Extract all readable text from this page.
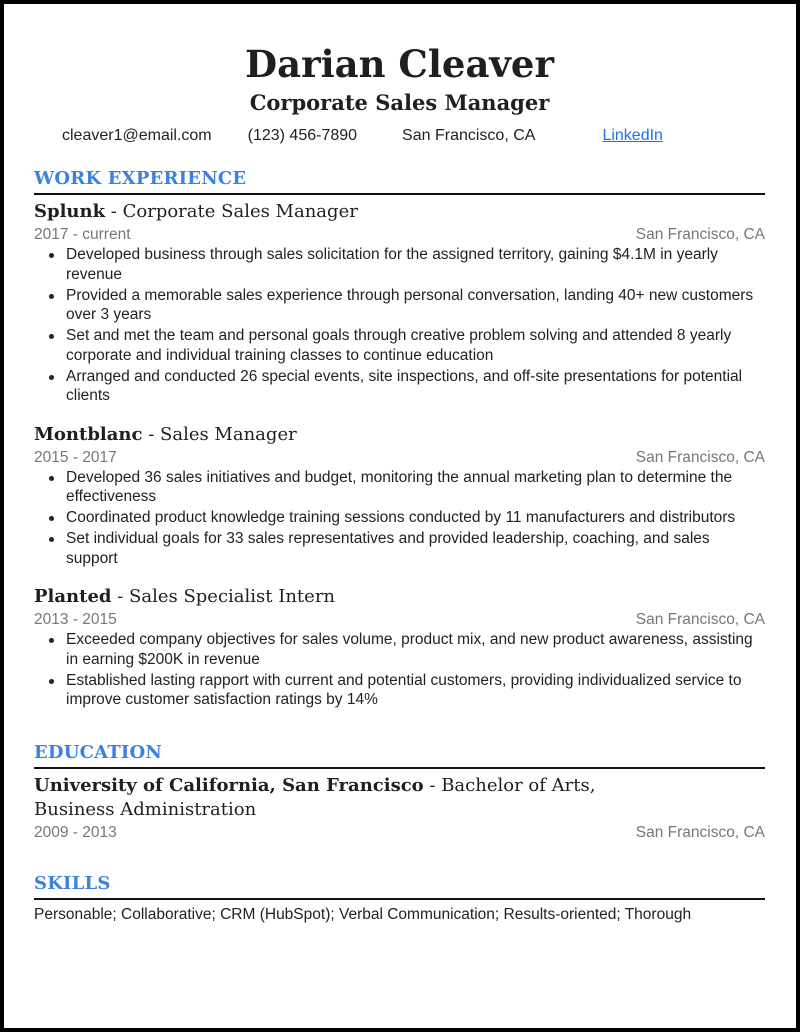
Darian Cleaver
Corporate Sales Manager
cleaver1@email.com (123) 456-7890	San Francisco, CA	LinkedIn
WORK EXPERIENCE
Splunk - Corporate Sales Manager
2017 - current	San Francisco, CA
Developed business through sales solicitation for the assigned territory, gaining $4.1M in yearly revenue
Provided a memorable sales experience through personal conversation, landing 40+ new customers over 3 years
Set and met the team and personal goals through creative problem solving and attended 8 yearly corporate and individual training classes to continue education
Arranged and conducted 26 special events, site inspections, and off-site presentations for potential clients
Montblanc - Sales Manager
2015 - 2017	San Francisco, CA
Developed 36 sales initiatives and budget, monitoring the annual marketing plan to determine the effectiveness
Coordinated product knowledge training sessions conducted by 11 manufacturers and distributors
Set individual goals for 33 sales representatives and provided leadership, coaching, and sales support
Planted - Sales Specialist Intern
2013 - 2015	San Francisco, CA
Exceeded company objectives for sales volume, product mix, and new product awareness, assisting in earning $200K in revenue
Established lasting rapport with current and potential customers, providing individualized service to improve customer satisfaction ratings by 14%
EDUCATION
University of California, San Francisco - Bachelor of Arts,
Business Administration
2009 - 2013	San Francisco, CA
SKILLS
Personable; Collaborative; CRM (HubSpot); Verbal Communication; Results-oriented; Thorough
